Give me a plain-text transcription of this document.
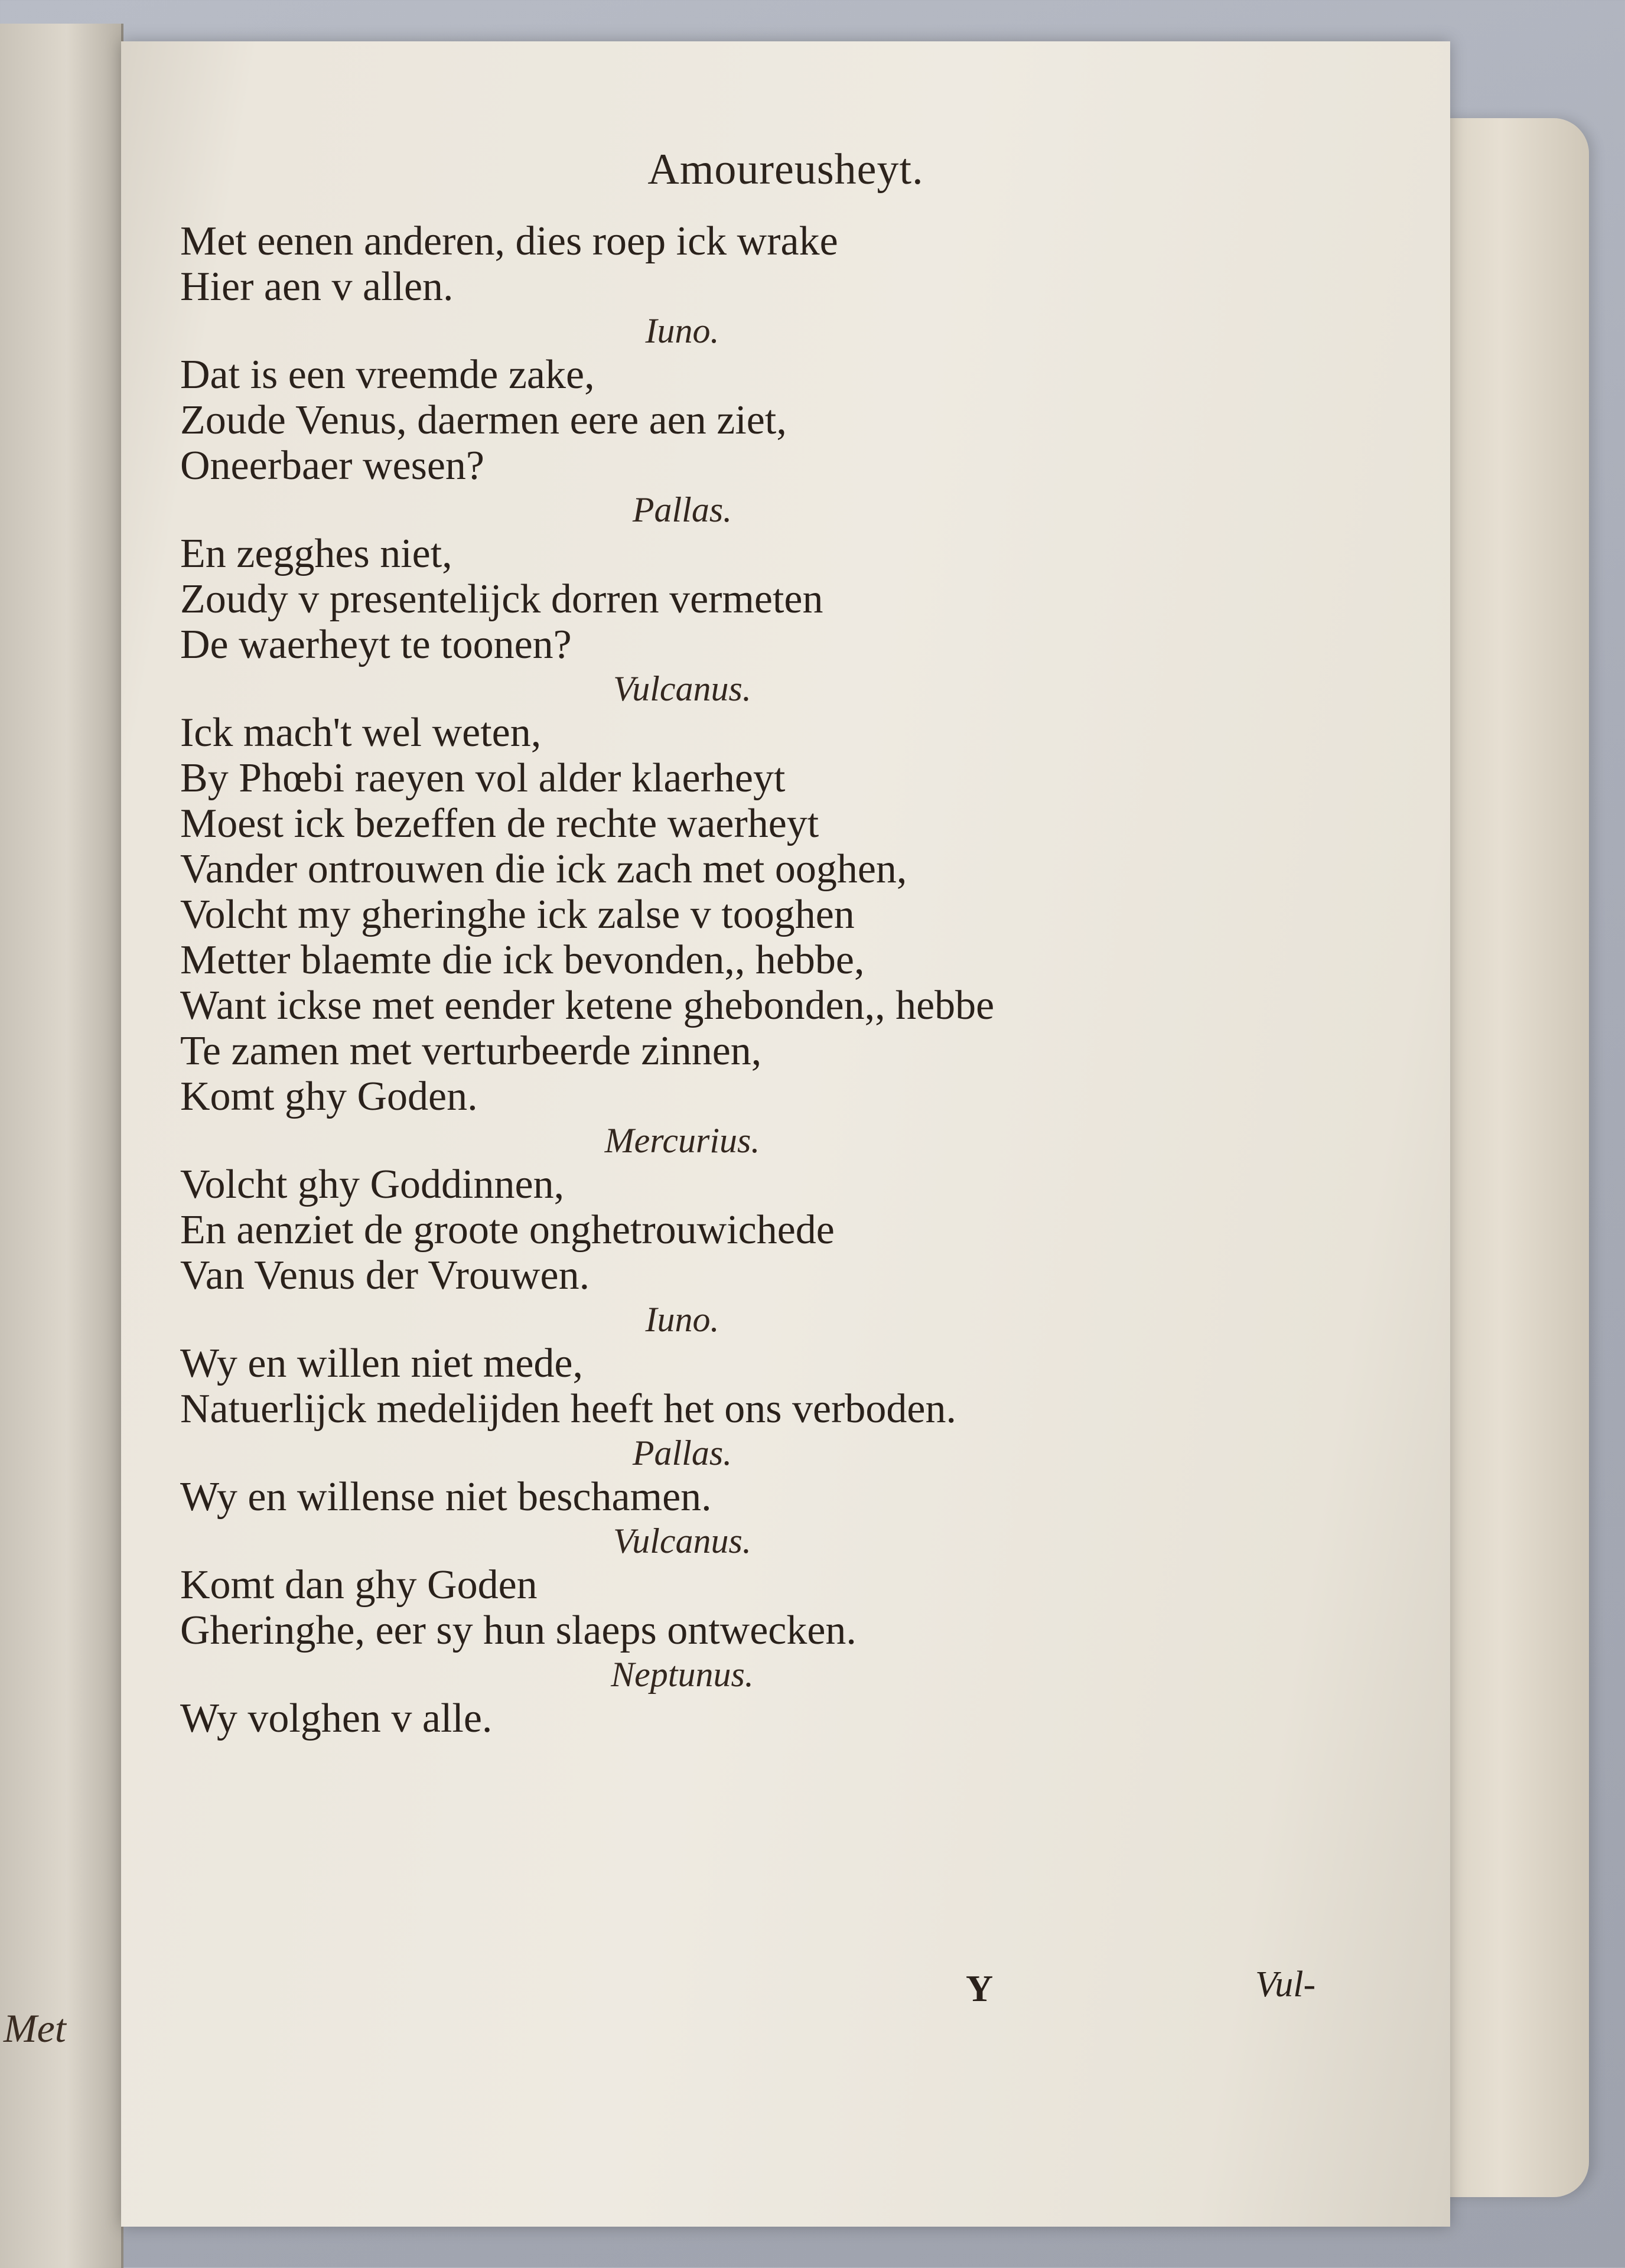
Met
Amoureusheyt.
Met eenen anderen, dies roep ick wrake
Hier aen v allen.
Iuno.
Dat is een vreemde zake,
Zoude Venus, daermen eere aen ziet,
Oneerbaer wesen?
Pallas.
En zegghes niet,
Zoudy v presentelijck dorren vermeten
De waerheyt te toonen?
Vulcanus.
Ick mach't wel weten,
By Phœbi raeyen vol alder klaerheyt
Moest ick bezeffen de rechte waerheyt
Vander ontrouwen die ick zach met ooghen,
Volcht my gheringhe ick zalse v tooghen
Metter blaemte die ick bevonden,, hebbe,
Want ickse met eender ketene ghebonden,, hebbe
Te zamen met verturbeerde zinnen,
Komt ghy Goden.
Mercurius.
Volcht ghy Goddinnen,
En aenziet de groote onghetrouwichede
Van Venus der Vrouwen.
Iuno.
Wy en willen niet mede,
Natuerlijck medelijden heeft het ons verboden.
Pallas.
Wy en willense niet beschamen.
Vulcanus.
Komt dan ghy Goden
Gheringhe, eer sy hun slaeps ontwecken.
Neptunus.
Wy volghen v alle.
Y	Vul-
